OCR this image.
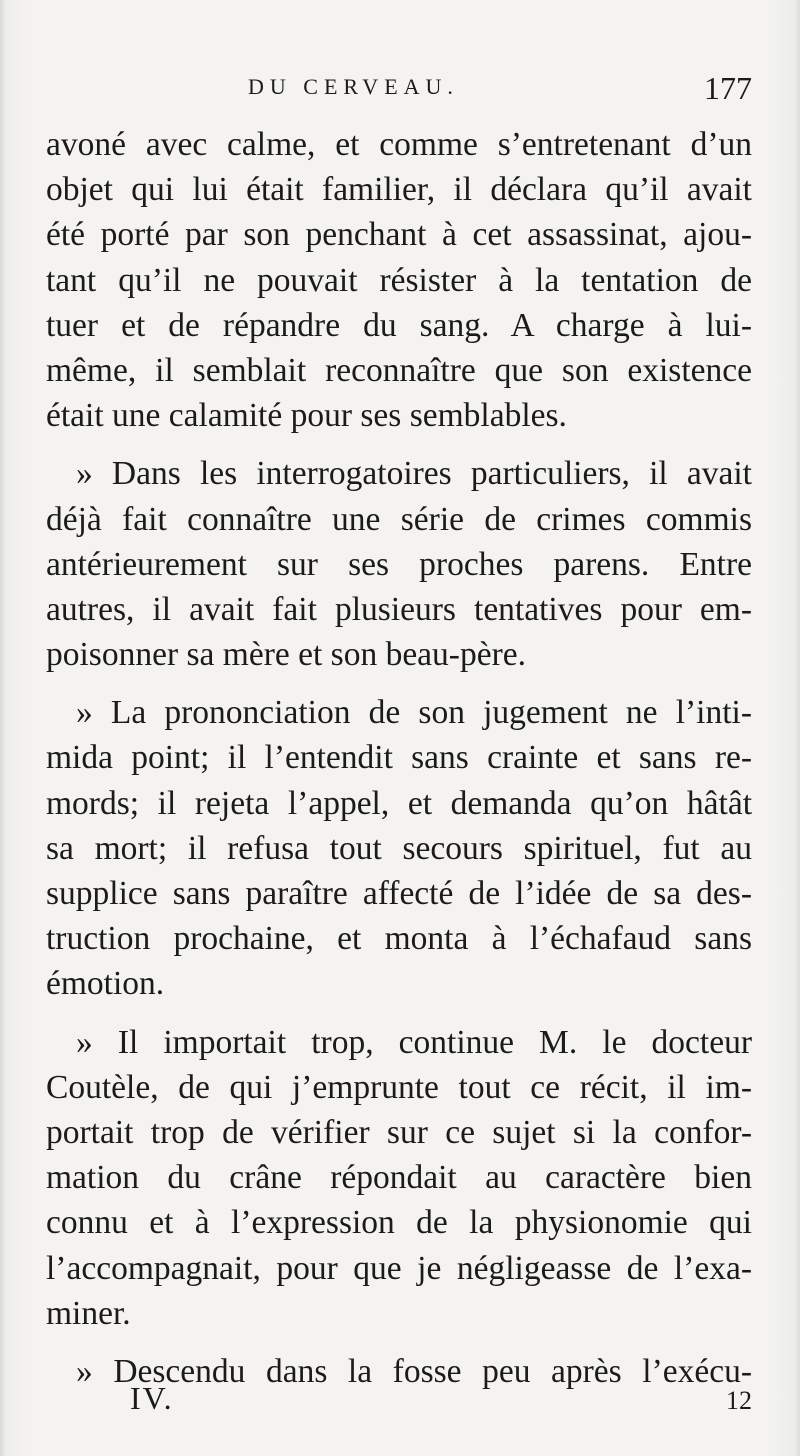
DU CERVEAU.	177
avoné avec calme, et comme s’entretenant d’un
objet qui lui était familier, il déclara qu’il avait
été porté par son penchant à cet assassinat, ajou-
tant qu’il ne pouvait résister à la tentation de
tuer et de répandre du sang. A charge à lui-
même, il semblait reconnaître que son existence
était une calamité pour ses semblables.
» Dans les interrogatoires particuliers, il avait
déjà fait connaître une série de crimes commis
antérieurement sur ses proches parens. Entre
autres, il avait fait plusieurs tentatives pour em-
poisonner sa mère et son beau-père.
» La prononciation de son jugement ne l’inti-
mida point; il l’entendit sans crainte et sans re-
mords; il rejeta l’appel, et demanda qu’on hâtât
sa mort; il refusa tout secours spirituel, fut au
supplice sans paraître affecté de l’idée de sa des-
truction prochaine, et monta à l’échafaud sans
émotion.
» Il importait trop, continue M. le docteur
Coutèle, de qui j’emprunte tout ce récit, il im-
portait trop de vérifier sur ce sujet si la confor-
mation du crâne répondait au caractère bien
connu et à l’expression de la physionomie qui
l’accompagnait, pour que je négligeasse de l’exa-
miner.
» Descendu dans la fosse peu après l’exécu-
IV.	12
